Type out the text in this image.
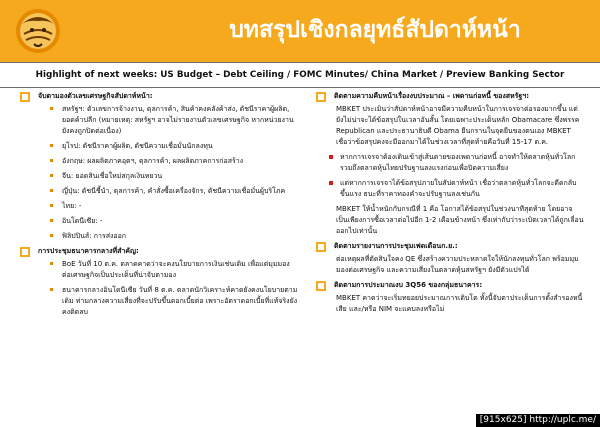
บทสรุปเชิงกลยุทธ์สัปดาห์หน้า
Highlight of next weeks: US Budget – Debt Ceiling / FOMC Minutes/ China Market / Preview Banking Sector
จับตามองตัวเลขเศรษฐกิจสัปดาห์หน้า:
สหรัฐฯ: ตัวเลขการจ้างงาน, ดุลการค้า, สินค้าคงคลังค้าส่ง, ดัชนีราคาผู้ผลิต, ยอดค้าปลีก (หมายเหตุ: สหรัฐฯ อาจไม่รายงานตัวเลขเศรษฐกิจ หากหน่วยงานยังคงถูกปิดต่อเนื่อง)
ยุโรป: ดัชนีราคาผู้ผลิต, ดัชนีความเชื่อมั่นนักลงทุน
อังกฤษ: ผลผลิตภาคอุตฯ, ดุลการค้า, ผลผลิตภาคการก่อสร้าง
จีน: ยอดสินเชื่อใหม่สกุลเงินหยวน
ญี่ปุ่น: ดัชนีชี้นำ, ดุลการค้า, คำสั่งซื้อเครื่องจักร, ดัชนีความเชื่อมั่นผู้บริโภค
ไทย: -
อินโดนีเซีย: -
ฟิลิปปินส์: การส่งออก
การประชุมธนาคารกลางที่สำคัญ:
BoE วันที่ 10 ต.ค. ตลาดคาดว่าจะคงนโยบายการเงินเช่นเดิม เพื่อแต่มุมมองต่อเศรษฐกิจเป็นประเด็นที่น่าจับตามอง
ธนาคารกลางอินโดนีเซีย วันที่ 8 ต.ค. ตลาดนักวิเคราะห์คาดยังคงนโยบายตามเดิม ท่ามกลางความเสี่ยงที่จะปรับขึ้นดอกเบี้ยต่อ เพราะอัตราดอกเบี้ยที่แท้จริงยังคงติดลบ
ติดตามความคืบหน้าเรื่องงบประมาณ – เพดานก่อหนี้ ของสหรัฐฯ:
MBKET ประเมินว่าสัปดาห์หน้าอาจมีความคืบหน้าในการเจรจาต่อรองมากขึ้น แต่ยังไม่น่าจะได้ข้อสรุปในเวลาอันสั้น โดยเฉพาะประเด็นหลัก Obamacare ซึ่งพรรค Republican และประธานาธิบดี Obama ยืนกรานในจุดยืนของตนเอง MBKET เชื่อว่าข้อสรุปคงจะมีออกมาได้ในช่วงเวลาที่สุดท้ายคือวันที่ 15-17 ต.ค.
หากการเจรจาต้องเดินเข้าสู่เส้นตายของเพดานก่อหนี้ อาจทำให้ตลาดหุ้นทั่วโลก รวมถึงตลาดหุ้นไทยปรับฐานลงแรงก่อนเพื่อปิดความเสี่ยง
แต่หากการเจรจาได้ข้อสรุปภายในสัปดาห์หน้า เชื่อว่าตลาดหุ้นทั่วโลกจะดีดกลับขึ้นแรง ธนะที่ราคาทองคำจะปรับฐานลงเช่นกัน
MBKET ให้น้ำหนักกับกรณีที่ 1 คือ โอกาสได้ข้อสรุปในช่วงนาทีสุดท้าย โดยอาจเป็นเพียงการซื้อเวลาต่อไปอีก 1-2 เดือนข้างหน้า ซึ่งเท่ากับว่าระเบิดเวลาได้ถูกเลื่อนออกไปเท่านั้น
ติดตามรายงานการประชุมเฟดเดือนก.ย.:
ต่อเหตุผลที่ตัดสินใจคง QE ซึ่งสร้างความประหลาดใจให้นักลงทุนทั่วโลก พร้อมมุมมองต่อเศรษฐกิจ และความเสี่ยงในตลาดหุ้นสหรัฐฯ ยังมีตัวแปรได้
ติดตามการประมาณงบ 3Q56 ของกลุ่มธนาคาร:
MBKET คาดว่าจะเริ่มทยอยประมาณการเติบโต ทั้งนี้จับตาประเด็นการตั้งสำรองหนี้เสีย และ/หรือ NIM จะแคบลงหรือไม่
[915x625] http://uplc.me/
